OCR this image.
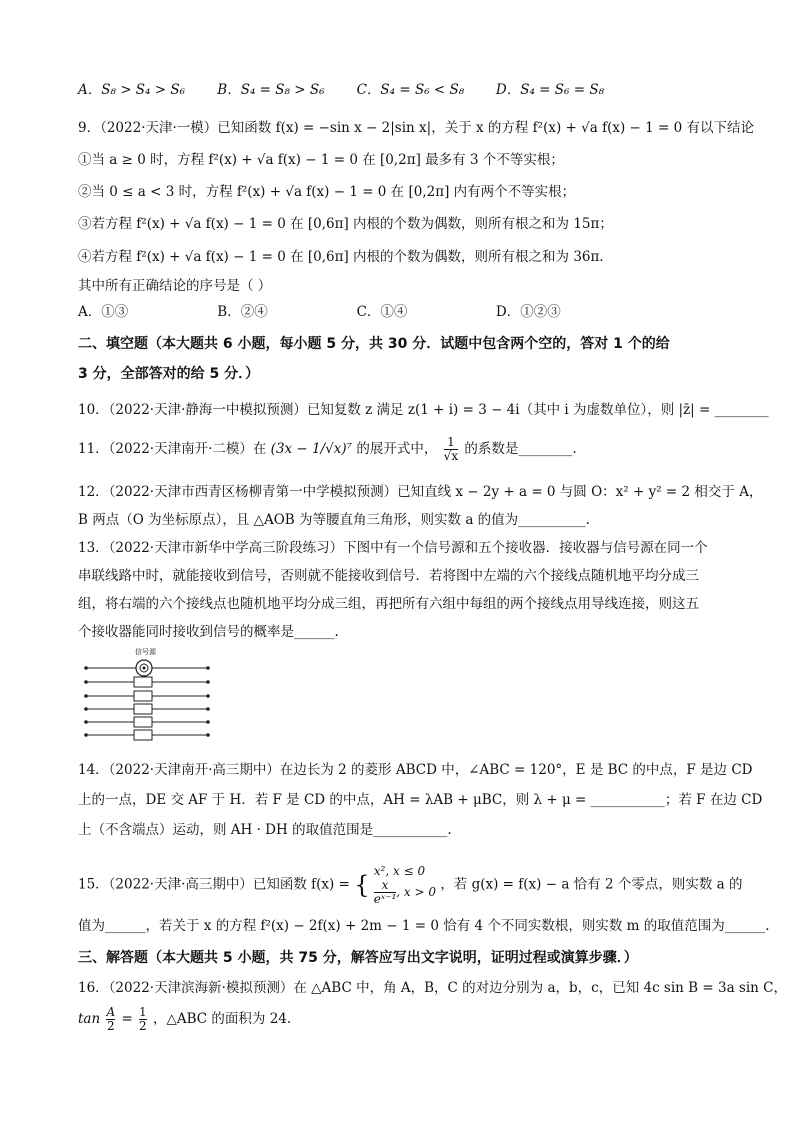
A．S₈ > S₄ > S₆ B．S₄ = S₈ > S₆ C．S₄ = S₆ < S₈ D．S₄ = S₆ = S₈
9．（2022·天津·一模）已知函数 f(x) = −sin x − 2|sin x|，关于 x 的方程 f²(x) + √a f(x) − 1 = 0 有以下结论
①当 a ≥ 0 时，方程 f²(x) + √a f(x) − 1 = 0 在 [0,2π] 最多有 3 个不等实根；
②当 0 ≤ a < 3 时，方程 f²(x) + √a f(x) − 1 = 0 在 [0,2π] 内有两个不等实根；
③若方程 f²(x) + √a f(x) − 1 = 0 在 [0,6π] 内根的个数为偶数，则所有根之和为 15π；
④若方程 f²(x) + √a f(x) − 1 = 0 在 [0,6π] 内根的个数为偶数，则所有根之和为 36π．
其中所有正确结论的序号是（ ）
A．①③	B．②④	C．①④	D．①②③
二、填空题（本大题共 6 小题，每小题 5 分，共 30 分．试题中包含两个空的，答对 1 个的给
3 分，全部答对的给 5 分．）
10．（2022·天津·静海一中模拟预测）已知复数 z 满足 z(1 + i) = 3 − 4i（其中 i 为虚数单位），则 |z̄| = ________
11．（2022·天津南开·二模）在 (3x − 1/√x)⁷ 的展开式中， $\frac{1}{√x}$ 的系数是________.
12．（2022·天津市西青区杨柳青第一中学模拟预测）已知直线 x − 2y + a = 0 与圆 O：x² + y² = 2 相交于 A，
B 两点（O 为坐标原点），且 △AOB 为等腰直角三角形，则实数 a 的值为__________.
13．（2022·天津市新华中学高三阶段练习）下图中有一个信号源和五个接收器．接收器与信号源在同一个
串联线路中时，就能接收到信号，否则就不能接收到信号．若将图中左端的六个接线点随机地平均分成三
组，将右端的六个接线点也随机地平均分成三组，再把所有六组中每组的两个接线点用导线连接，则这五
个接收器能同时接收到信号的概率是______.
信号源
14．（2022·天津南开·高三期中）在边长为 2 的菱形 ABCD 中，∠ABC = 120°，E 是 BC 的中点，F 是边 CD
上的一点，DE 交 AF 于 H．若 F 是 CD 的中点，AH = λAB + μBC，则 λ + μ = ___________；若 F 在边 CD
上（不含端点）运动，则 AH · DH 的取值范围是___________.
15．（2022·天津·高三期中）已知函数 f(x) = { x², x ≤ 0
$\frac{x}{\text{eˣ⁻¹}}$ , x > 0 ，若 g(x) = f(x) − a 恰有 2 个零点，则实数 a 的
值为______，若关于 x 的方程 f²(x) − 2f(x) + 2m − 1 = 0 恰有 4 个不同实数根，则实数 m 的取值范围为______.
三、解答题（本大题共 5 小题，共 75 分，解答应写出文字说明，证明过程或演算步骤．）
16．（2022·天津滨海新·模拟预测）在 △ABC 中，角 A，B，C 的对边分别为 a，b，c，已知 4c sin B = 3a sin C，
$\tan \frac{A}{2} = \frac{1}{2}$ ，△ABC 的面积为 24.
